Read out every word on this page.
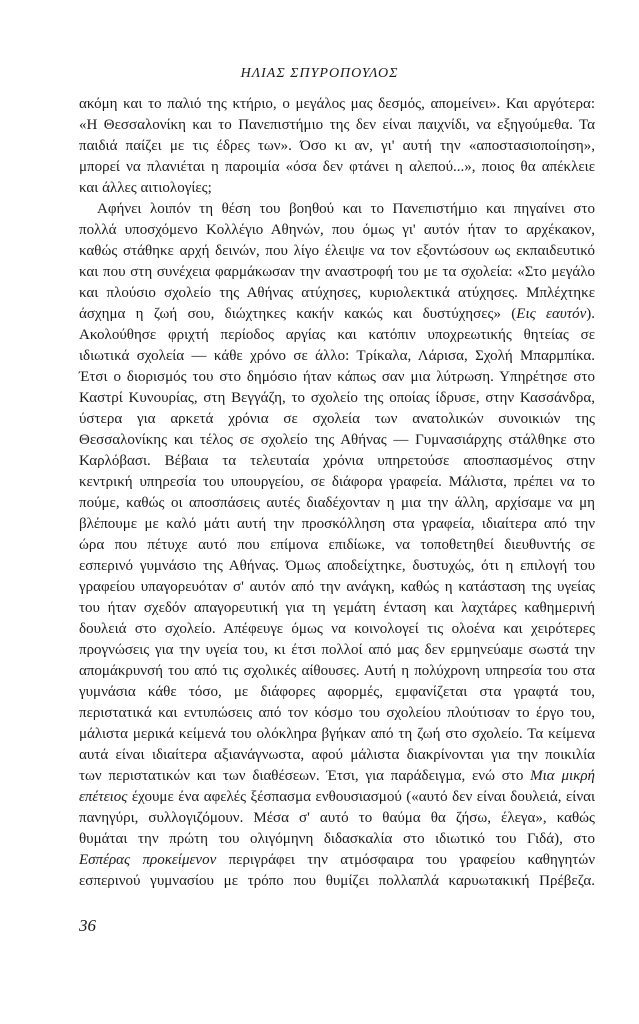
ΗΛΙΑΣ ΣΠΥΡΟΠΟΥΛΟΣ
ακόμη και το παλιό της κτήριο, ο μεγάλος μας δεσμός, απομείνει». Και αργότερα:
«Η Θεσσαλονίκη και το Πανεπιστήμιο της δεν είναι παιχνίδι, να εξηγούμεθα. Τα
παιδιά παίζει με τις έδρες των». Όσο κι αν, γι' αυτή την «αποστασιοποίηση»,
μπορεί να πλανιέται η παροιμία «όσα δεν φτάνει η αλεπού...», ποιος θα απέκλειε
και άλλες αιτιολογίες;
Αφήνει λοιπόν τη θέση του βοηθού και το Πανεπιστήμιο και πηγαίνει στο
πολλά υποσχόμενο Κολλέγιο Αθηνών, που όμως γι' αυτόν ήταν το αρχέκακον,
καθώς στάθηκε αρχή δεινών, που λίγο έλειψε να τον εξοντώσουν ως εκπαιδευτικό
και που στη συνέχεια φαρμάκωσαν την αναστροφή του με τα σχολεία: «Στο μεγάλο
και πλούσιο σχολείο της Αθήνας ατύχησες, κυριολεκτικά ατύχησες. Μπλέχτηκε
άσχημα η ζωή σου, διώχτηκες κακήν κακώς και δυστύχησες» (Εις εαυτόν).
Ακολούθησε φριχτή περίοδος αργίας και κατόπιν υποχρεωτικής θητείας σε
ιδιωτικά σχολεία — κάθε χρόνο σε άλλο: Τρίκαλα, Λάρισα, Σχολή Μπαρμπίκα.
Έτσι ο διορισμός του στο δημόσιο ήταν κάπως σαν μια λύτρωση. Υπηρέτησε στο
Καστρί Κυνουρίας, στη Βεγγάζη, το σχολείο της οποίας ίδρυσε, στην Κασσάνδρα,
ύστερα για αρκετά χρόνια σε σχολεία των ανατολικών συνοικιών της
Θεσσαλονίκης και τέλος σε σχολείο της Αθήνας — Γυμνασιάρχης στάλθηκε στο
Καρλόβασι. Βέβαια τα τελευταία χρόνια υπηρετούσε αποσπασμένος στην
κεντρική υπηρεσία του υπουργείου, σε διάφορα γραφεία. Μάλιστα, πρέπει να το
πούμε, καθώς οι αποσπάσεις αυτές διαδέχονταν η μια την άλλη, αρχίσαμε να μη
βλέπουμε με καλό μάτι αυτή την προσκόλληση στα γραφεία, ιδιαίτερα από την
ώρα που πέτυχε αυτό που επίμονα επιδίωκε, να τοποθετηθεί διευθυντής σε
εσπερινό γυμνάσιο της Αθήνας. Όμως αποδείχτηκε, δυστυχώς, ότι η επιλογή του
γραφείου υπαγορευόταν σ' αυτόν από την ανάγκη, καθώς η κατάσταση της υγείας
του ήταν σχεδόν απαγορευτική για τη γεμάτη ένταση και λαχτάρες καθημερινή
δουλειά στο σχολείο. Απέφευγε όμως να κοινολογεί τις ολοένα και χειρότερες
προγνώσεις για την υγεία του, κι έτσι πολλοί από μας δεν ερμηνεύαμε σωστά την
απομάκρυνσή του από τις σχολικές αίθουσες. Αυτή η πολύχρονη υπηρεσία του στα
γυμνάσια κάθε τόσο, με διάφορες αφορμές, εμφανίζεται στα γραφτά του,
περιστατικά και εντυπώσεις από τον κόσμο του σχολείου πλούτισαν το έργο του,
μάλιστα μερικά κείμενά του ολόκληρα βγήκαν από τη ζωή στο σχολείο. Τα κείμενα
αυτά είναι ιδιαίτερα αξιανάγνωστα, αφού μάλιστα διακρίνονται για την ποικιλία
των περιστατικών και των διαθέσεων. Έτσι, για παράδειγμα, ενώ στο Μια μικρή
επέτειος έχουμε ένα αφελές ξέσπασμα ενθουσιασμού («αυτό δεν είναι δουλειά, είναι
πανηγύρι, συλλογιζόμουν. Μέσα σ' αυτό το θαύμα θα ζήσω, έλεγα», καθώς
θυμάται την πρώτη του ολιγόμηνη διδασκαλία στο ιδιωτικό του Γιδά), στο
Εσπέρας προκείμενον περιγράφει την ατμόσφαιρα του γραφείου καθηγητών
εσπερινού γυμνασίου με τρόπο που θυμίζει πολλαπλά καρυωτακική Πρέβεζα.
36
